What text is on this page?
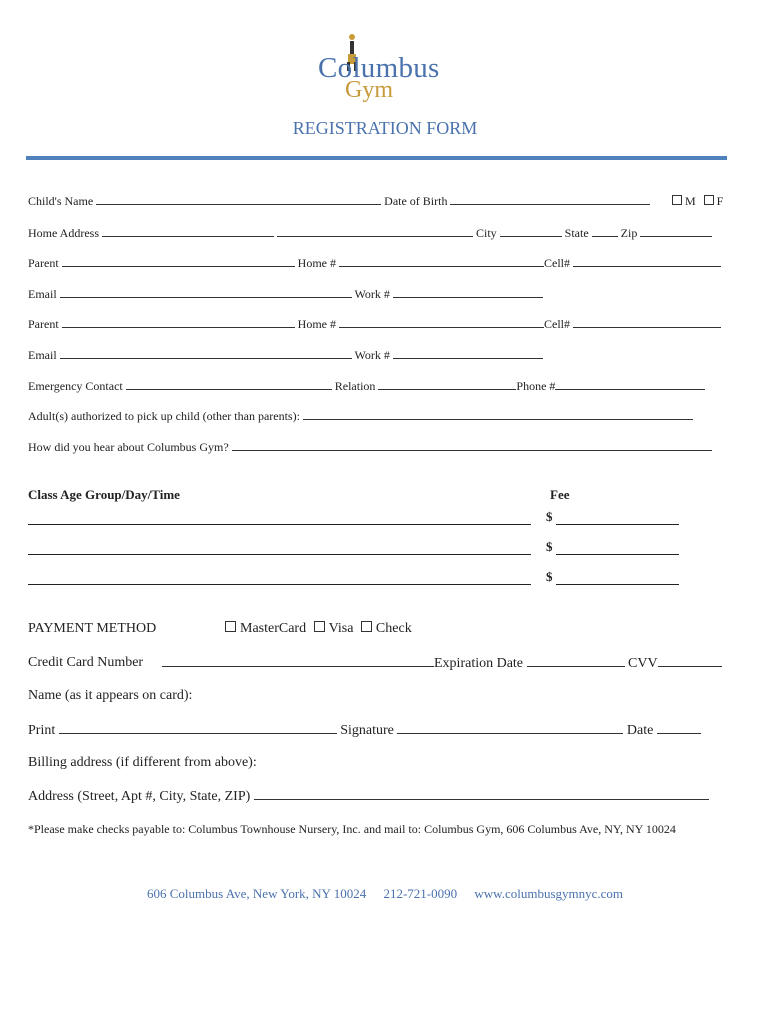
Columbus
Gym
REGISTRATION FORM
Child's Name	Date of Birth	M F
Home Address	City	State	Zip
Parent	Home #	Cell#
Email	Work #
Parent	Home #	Cell#
Email	Work #
Emergency Contact	Relation	Phone #
Adult(s) authorized to pick up child (other than parents):
How did you hear about Columbus Gym?
Class Age Group/Day/Time	Fee
$
$
$
PAYMENT METHOD	MasterCard Visa Check
Credit Card Number	Expiration Date	CVV
Name (as it appears on card):
Print	Signature	Date
Billing address (if different from above):
Address (Street, Apt #, City, State, ZIP)
*Please make checks payable to: Columbus Townhouse Nursery, Inc. and mail to: Columbus Gym, 606 Columbus Ave, NY, NY 10024
606 Columbus Ave, New York, NY 10024 212-721-0090 www.columbusgymnyc.com
